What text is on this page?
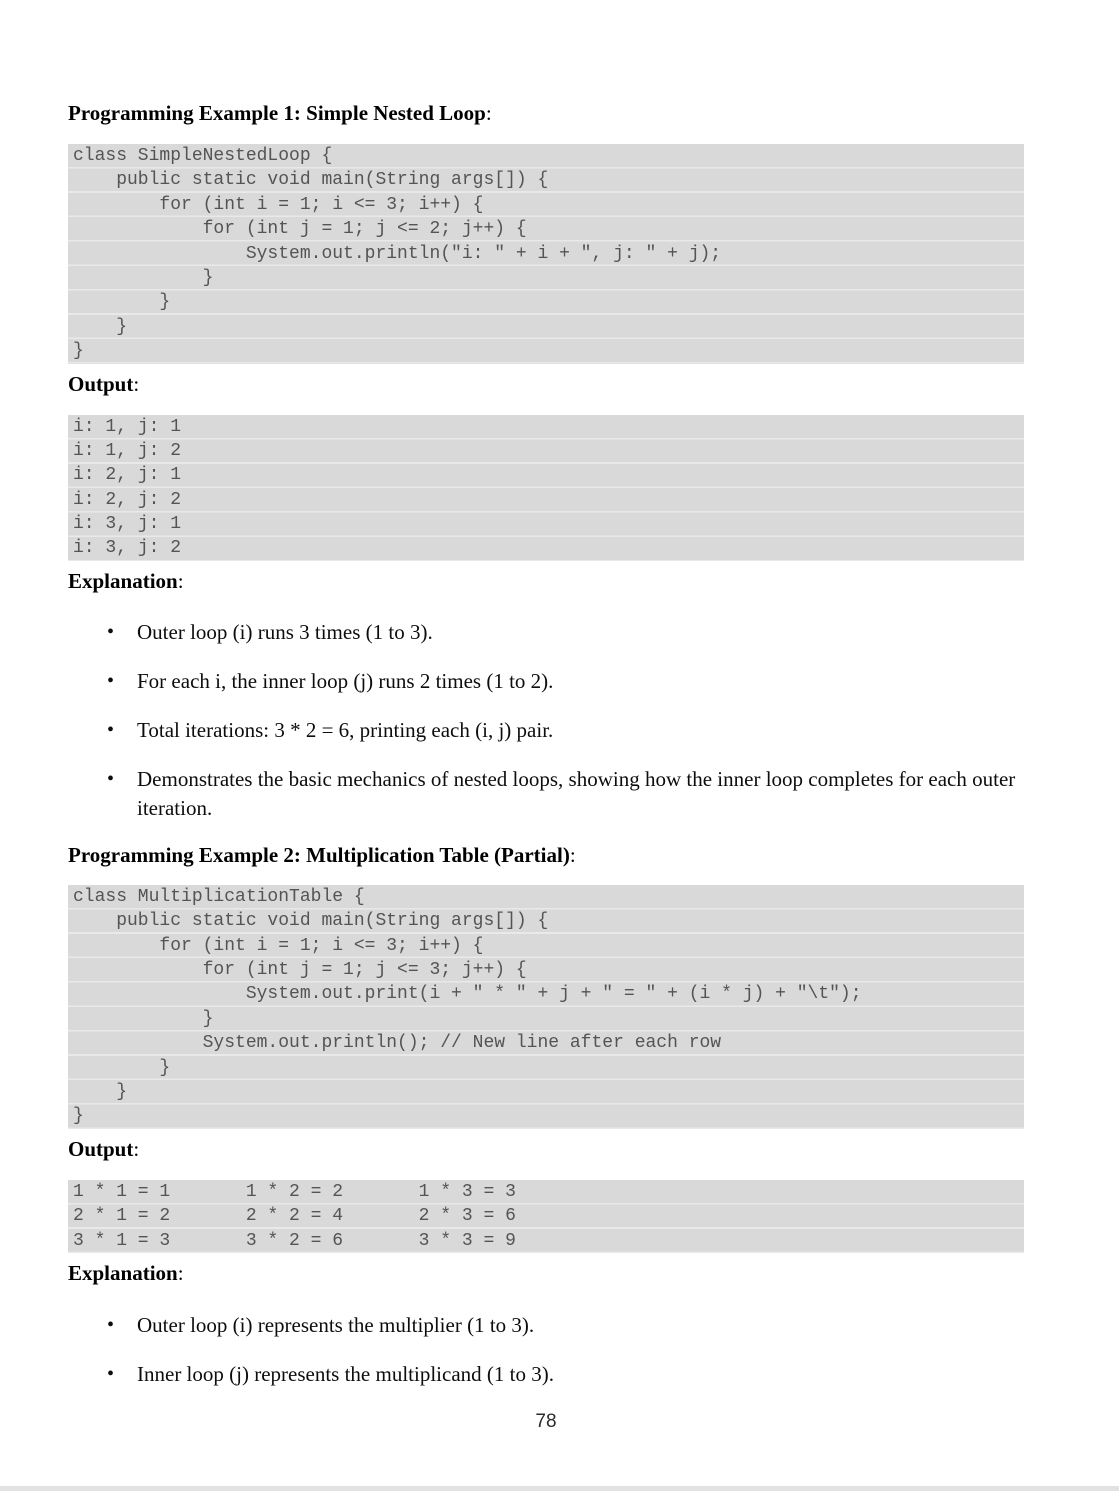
Programming Example 1: Simple Nested Loop:
class SimpleNestedLoop {
public static void main(String args[]) {
for (int i = 1; i <= 3; i++) {
for (int j = 1; j <= 2; j++) {
System.out.println("i: " + i + ", j: " + j);
}
}
}
}
Output:
i: 1, j: 1
i: 1, j: 2
i: 2, j: 1
i: 2, j: 2
i: 3, j: 1
i: 3, j: 2
Explanation:
• Outer loop (i) runs 3 times (1 to 3).
• For each i, the inner loop (j) runs 2 times (1 to 2).
• Total iterations: 3 * 2 = 6, printing each (i, j) pair.
• Demonstrates the basic mechanics of nested loops, showing how the inner loop completes for each outer iteration.
Programming Example 2: Multiplication Table (Partial):
class MultiplicationTable {
public static void main(String args[]) {
for (int i = 1; i <= 3; i++) {
for (int j = 1; j <= 3; j++) {
System.out.print(i + " * " + j + " = " + (i * j) + "\t");
}
System.out.println(); // New line after each row
}
}
}
Output:
1 * 1 = 1       1 * 2 = 2       1 * 3 = 3
2 * 1 = 2       2 * 2 = 4       2 * 3 = 6
3 * 1 = 3       3 * 2 = 6       3 * 3 = 9
Explanation:
• Outer loop (i) represents the multiplier (1 to 3).
• Inner loop (j) represents the multiplicand (1 to 3).
78
